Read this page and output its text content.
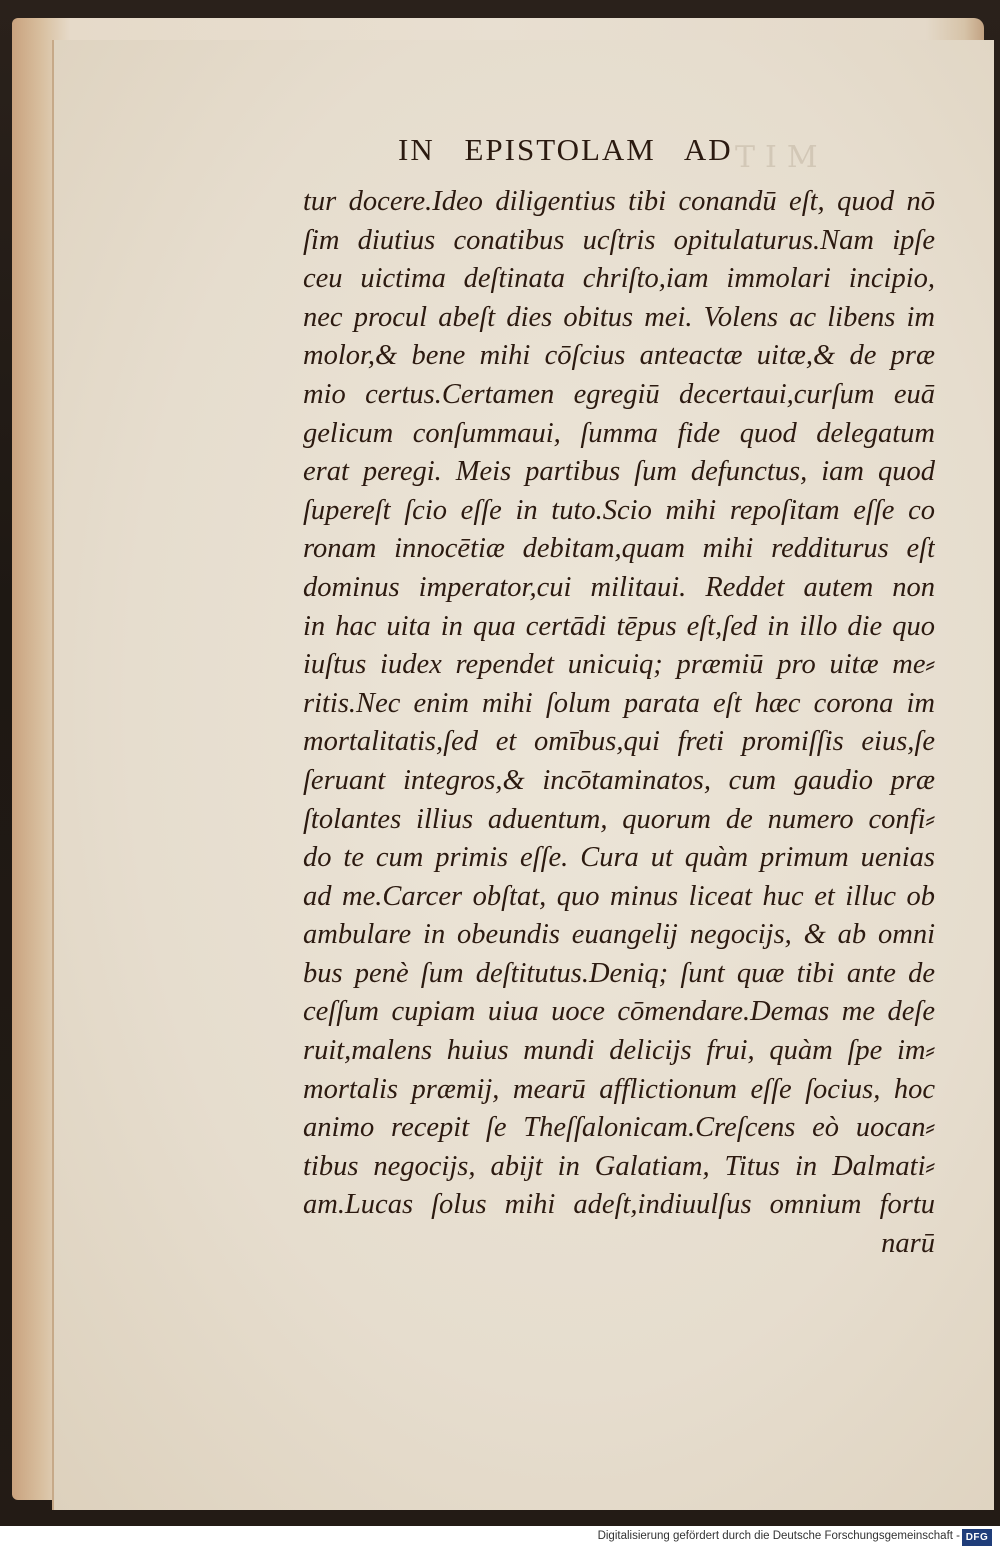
TIM
IN EPISTOLAM AD
tur docere.Ideo diligentius tibi conandū eſt, quod nō
ſim diutius conatibus ucſtris opitulaturus.Nam ipſe
ceu uictima deſtinata chriſto,iam immolari incipio,
nec procul abeſt dies obitus mei. Volens ac libens im
molor,& bene mihi cōſcius anteactæ uitæ,& de præ
mio certus.Certamen egregiū decertaui,curſum euā
gelicum conſummaui, ſumma fide quod delegatum
erat peregi. Meis partibus ſum defunctus, iam quod
ſupereſt ſcio eſſe in tuto.Scio mihi repoſitam eſſe co
ronam innocētiæ debitam,quam mihi redditurus eſt
dominus imperator,cui militaui. Reddet autem non
in hac uita in qua certādi tēpus eſt,ſed in illo die quo
iuſtus iudex rependet unicuiq; præmiū pro uitæ me⸗
ritis.Nec enim mihi ſolum parata eſt hæc corona im
mortalitatis,ſed et omībus,qui freti promiſſis eius,ſe
ſeruant integros,& incōtaminatos, cum gaudio præ
ſtolantes illius aduentum, quorum de numero confi⸗
do te cum primis eſſe. Cura ut quàm primum uenias
ad me.Carcer obſtat, quo minus liceat huc et illuc ob
ambulare in obeundis euangelij negocijs, & ab omni
bus penè ſum deſtitutus.Deniq; ſunt quæ tibi ante de
ceſſum cupiam uiua uoce cōmendare.Demas me deſe
ruit,malens huius mundi delicijs frui, quàm ſpe im⸗
mortalis præmij, mearū afflictionum eſſe ſocius, hoc
animo recepit ſe Theſſalonicam.Creſcens eò uocan⸗
tibus negocijs, abijt in Galatiam, Titus in Dalmati⸗
am.Lucas ſolus mihi adeſt,indiuulſus omnium fortu
narū
Digitalisierung gefördert durch die Deutsche Forschungsgemeinschaft - DFG
